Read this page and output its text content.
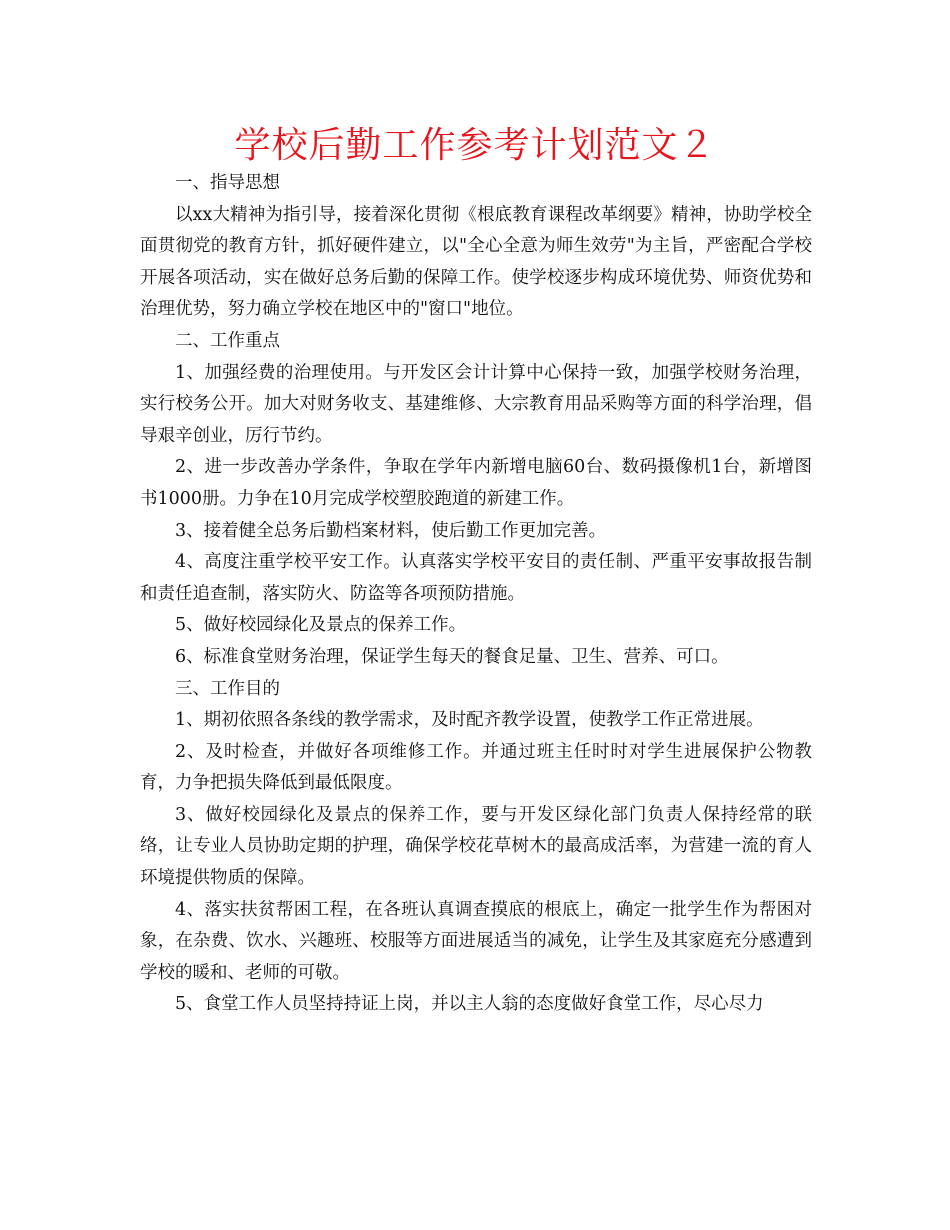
学校后勤工作参考计划范文２

一、指导思想

以xx大精神为指引导，接着深化贯彻《根底教育课程改革纲要》精神，协助学校全面贯彻党的教育方针，抓好硬件建立，以"全心全意为师生效劳"为主旨，严密配合学校开展各项活动，实在做好总务后勤的保障工作。使学校逐步构成环境优势、师资优势和治理优势，努力确立学校在地区中的"窗口"地位。

二、工作重点

1、加强经费的治理使用。与开发区会计计算中心保持一致，加强学校财务治理，实行校务公开。加大对财务收支、基建维修、大宗教育用品采购等方面的科学治理，倡导艰辛创业，厉行节约。

2、进一步改善办学条件，争取在学年内新增电脑60台、数码摄像机1台，新增图书1000册。力争在10月完成学校塑胶跑道的新建工作。

3、接着健全总务后勤档案材料，使后勤工作更加完善。

4、高度注重学校平安工作。认真落实学校平安目的责任制、严重平安事故报告制和责任追查制，落实防火、防盗等各项预防措施。

5、做好校园绿化及景点的保养工作。

6、标准食堂财务治理，保证学生每天的餐食足量、卫生、营养、可口。

三、工作目的

1、期初依照各条线的教学需求，及时配齐教学设置，使教学工作正常进展。

2、及时检查，并做好各项维修工作。并通过班主任时时对学生进展保护公物教育，力争把损失降低到最低限度。

3、做好校园绿化及景点的保养工作，要与开发区绿化部门负责人保持经常的联络，让专业人员协助定期的护理，确保学校花草树木的最高成活率，为营建一流的育人环境提供物质的保障。

4、落实扶贫帮困工程，在各班认真调查摸底的根底上，确定一批学生作为帮困对象，在杂费、饮水、兴趣班、校服等方面进展适当的减免，让学生及其家庭充分感遭到学校的暖和、老师的可敬。

5、食堂工作人员坚持持证上岗，并以主人翁的态度做好食堂工作，尽心尽力
